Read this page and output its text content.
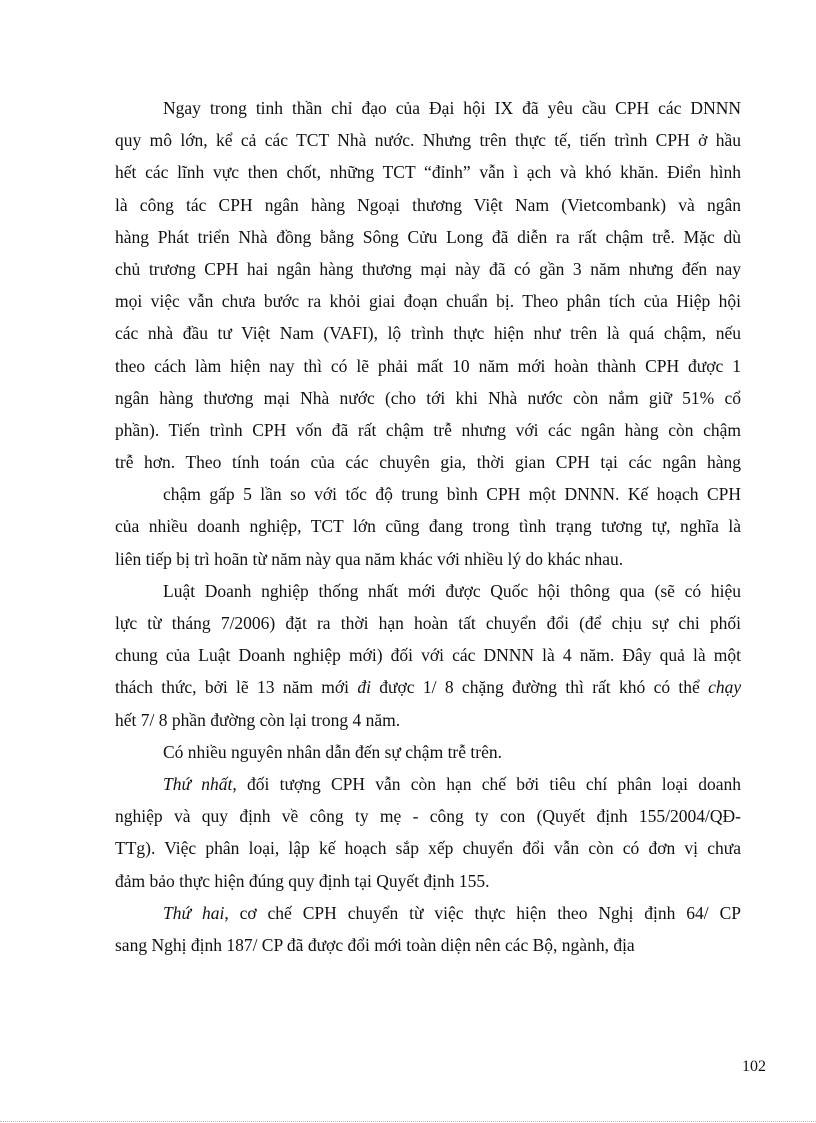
Ngay trong tinh thần chỉ đạo của Đại hội IX đã yêu cầu CPH các DNNN
quy mô lớn, kể cả các TCT Nhà nước. Nhưng trên thực tế, tiến trình CPH ở hầu
hết các lĩnh vực then chốt, những TCT “đỉnh” vẫn ì ạch và khó khăn. Điển hình
là công tác CPH ngân hàng Ngoại thương Việt Nam (Vietcombank) và ngân
hàng Phát triển Nhà đồng bằng Sông Cửu Long đã diễn ra rất chậm trễ. Mặc dù
chủ trương CPH hai ngân hàng thương mại này đã có gần 3 năm nhưng đến nay
mọi việc vẫn chưa bước ra khỏi giai đoạn chuẩn bị. Theo phân tích của Hiệp hội
các nhà đầu tư Việt Nam (VAFI), lộ trình thực hiện như trên là quá chậm, nếu
theo cách làm hiện nay thì có lẽ phải mất 10 năm mới hoàn thành CPH được 1
ngân hàng thương mại Nhà nước (cho tới khi Nhà nước còn nắm giữ 51% cổ
phần). Tiến trình CPH vốn đã rất chậm trễ nhưng với các ngân hàng còn chậm
trễ hơn. Theo tính toán của các chuyên gia, thời gian CPH tại các ngân hàng
chậm gấp 5 lần so với tốc độ trung bình CPH một DNNN. Kế hoạch CPH
của nhiều doanh nghiệp, TCT lớn cũng đang trong tình trạng tương tự, nghĩa là
liên tiếp bị trì hoãn từ năm này qua năm khác với nhiều lý do khác nhau.
Luật Doanh nghiệp thống nhất mới được Quốc hội thông qua (sẽ có hiệu
lực từ tháng 7/2006) đặt ra thời hạn hoàn tất chuyển đổi (để chịu sự chi phối
chung của Luật Doanh nghiệp mới) đối với các DNNN là 4 năm. Đây quả là một
thách thức, bởi lẽ 13 năm mới đi được 1/ 8 chặng đường thì rất khó có thể chạy
hết 7/ 8 phần đường còn lại trong 4 năm.
Có nhiều nguyên nhân dẫn đến sự chậm trễ trên.
Thứ nhất, đối tượng CPH vẫn còn hạn chế bởi tiêu chí phân loại doanh
nghiệp và quy định về công ty mẹ - công ty con (Quyết định 155/2004/QĐ-
TTg). Việc phân loại, lập kế hoạch sắp xếp chuyển đổi vẫn còn có đơn vị chưa
đảm bảo thực hiện đúng quy định tại Quyết định 155.
Thứ hai, cơ chế CPH chuyển từ việc thực hiện theo Nghị định 64/ CP
sang Nghị định 187/ CP đã được đổi mới toàn diện nên các Bộ, ngành, địa
102
